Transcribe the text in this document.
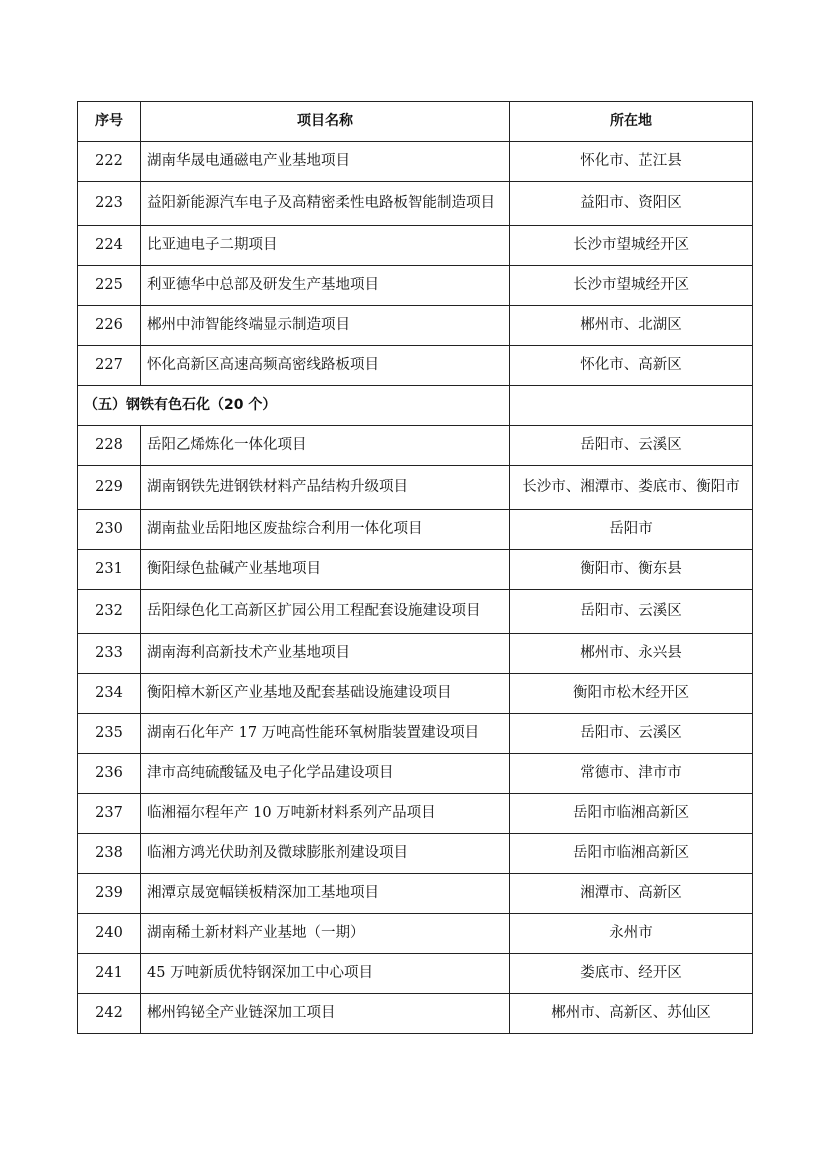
序号	项目名称	所在地
222	湖南华晟电通磁电产业基地项目	怀化市、芷江县
223	益阳新能源汽车电子及高精密柔性电路板智能制造项目	益阳市、资阳区
224	比亚迪电子二期项目	长沙市望城经开区
225	利亚德华中总部及研发生产基地项目	长沙市望城经开区
226	郴州中沛智能终端显示制造项目	郴州市、北湖区
227	怀化高新区高速高频高密线路板项目	怀化市、高新区
（五）钢铁有色石化（20 个）		
228	岳阳乙烯炼化一体化项目	岳阳市、云溪区
229	湖南钢铁先进钢铁材料产品结构升级项目	长沙市、湘潭市、娄底市、衡阳市
230	湖南盐业岳阳地区废盐综合利用一体化项目	岳阳市
231	衡阳绿色盐碱产业基地项目	衡阳市、衡东县
232	岳阳绿色化工高新区扩园公用工程配套设施建设项目	岳阳市、云溪区
233	湖南海利高新技术产业基地项目	郴州市、永兴县
234	衡阳樟木新区产业基地及配套基础设施建设项目	衡阳市松木经开区
235	湖南石化年产 17 万吨高性能环氧树脂装置建设项目	岳阳市、云溪区
236	津市高纯硫酸锰及电子化学品建设项目	常德市、津市市
237	临湘福尔程年产 10 万吨新材料系列产品项目	岳阳市临湘高新区
238	临湘方鸿光伏助剂及微球膨胀剂建设项目	岳阳市临湘高新区
239	湘潭京晟宽幅镁板精深加工基地项目	湘潭市、高新区
240	湖南稀土新材料产业基地（一期）	永州市
241	45 万吨新质优特钢深加工中心项目	娄底市、经开区
242	郴州钨铋全产业链深加工项目	郴州市、高新区、苏仙区
